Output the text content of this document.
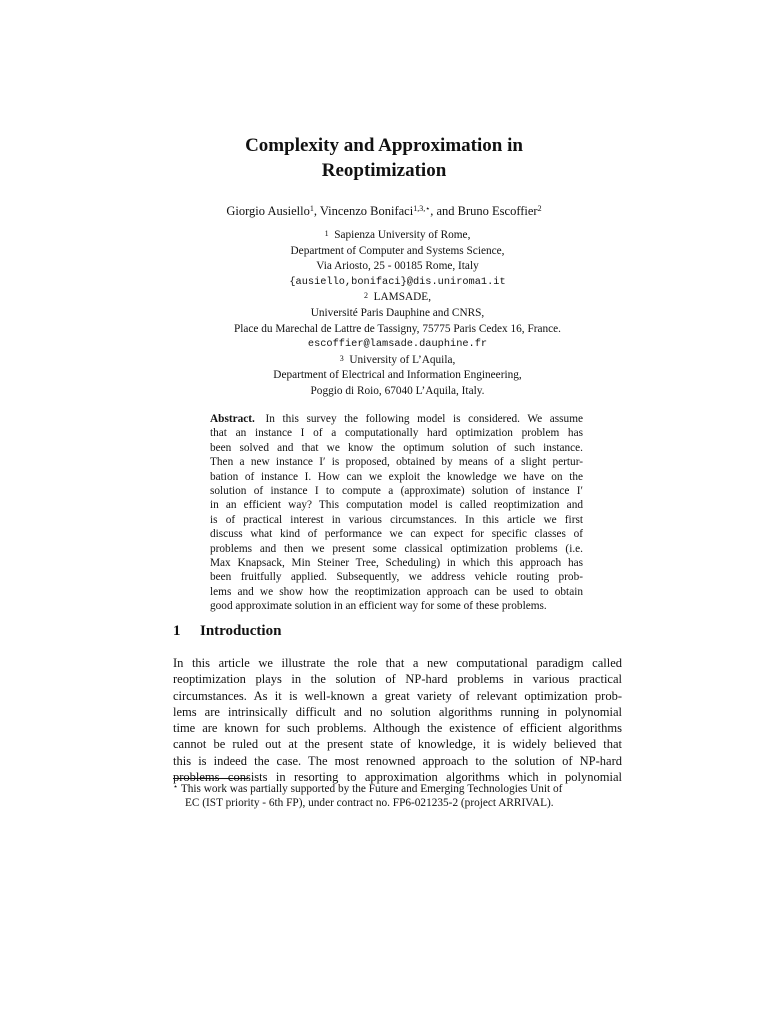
Complexity and Approximation in
Reoptimization
Giorgio Ausiello$^1$, Vincenzo Bonifaci$^{1,3,⋆}$, and Bruno Escoffier$^2$
$^1$ Sapienza University of Rome,
Department of Computer and Systems Science,
Via Ariosto, 25 - 00185 Rome, Italy
{ausiello,bonifaci}@dis.uniroma1.it
$^2$ LAMSADE,
Université Paris Dauphine and CNRS,
Place du Marechal de Lattre de Tassigny, 75775 Paris Cedex 16, France.
escoffier@lamsade.dauphine.fr
$^3$ University of L’Aquila,
Department of Electrical and Information Engineering,
Poggio di Roio, 67040 L’Aquila, Italy.
Abstract. In this survey the following model is considered. We assume
that an instance I of a computationally hard optimization problem has
been solved and that we know the optimum solution of such instance.
Then a new instance I′ is proposed, obtained by means of a slight pertur-
bation of instance I. How can we exploit the knowledge we have on the
solution of instance I to compute a (approximate) solution of instance I′
in an efficient way? This computation model is called reoptimization and
is of practical interest in various circumstances. In this article we first
discuss what kind of performance we can expect for specific classes of
problems and then we present some classical optimization problems (i.e.
Max Knapsack, Min Steiner Tree, Scheduling) in which this approach has
been fruitfully applied. Subsequently, we address vehicle routing prob-
lems and we show how the reoptimization approach can be used to obtain
good approximate solution in an efficient way for some of these problems.
1 Introduction
In this article we illustrate the role that a new computational paradigm called
reoptimization plays in the solution of NP-hard problems in various practical
circumstances. As it is well-known a great variety of relevant optimization prob-
lems are intrinsically difficult and no solution algorithms running in polynomial
time are known for such problems. Although the existence of efficient algorithms
cannot be ruled out at the present state of knowledge, it is widely believed that
this is indeed the case. The most renowned approach to the solution of NP-hard
problems consists in resorting to approximation algorithms which in polynomial
⋆ This work was partially supported by the Future and Emerging Technologies Unit of
EC (IST priority - 6th FP), under contract no. FP6-021235-2 (project ARRIVAL).
